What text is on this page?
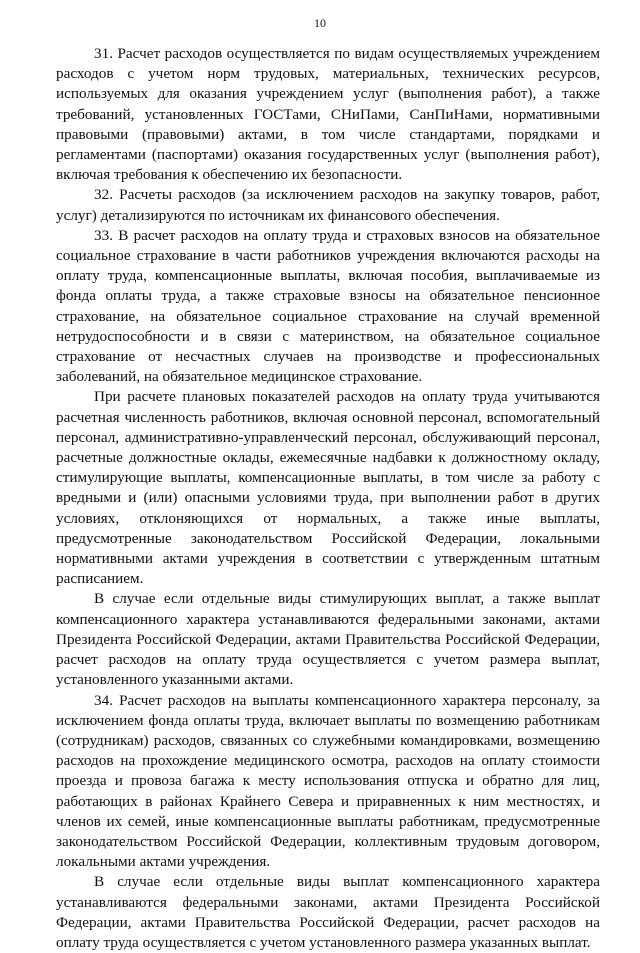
10

31. Расчет расходов осуществляется по видам осуществляемых учреждением расходов с учетом норм трудовых, материальных, технических ресурсов, используемых для оказания учреждением услуг (выполнения работ), а также требований, установленных ГОСТами, СНиПами, СанПиНами, нормативными правовыми (правовыми) актами, в том числе стандартами, порядками и регламентами (паспортами) оказания государственных услуг (выполнения работ), включая требования к обеспечению их безопасности.

32. Расчеты расходов (за исключением расходов на закупку товаров, работ, услуг) детализируются по источникам их финансового обеспечения.

33. В расчет расходов на оплату труда и страховых взносов на обязательное социальное страхование в части работников учреждения включаются расходы на оплату труда, компенсационные выплаты, включая пособия, выплачиваемые из фонда оплаты труда, а также страховые взносы на обязательное пенсионное страхование, на обязательное социальное страхование на случай временной нетрудоспособности и в связи с материнством, на обязательное социальное страхование от несчастных случаев на производстве и профессиональных заболеваний, на обязательное медицинское страхование.

При расчете плановых показателей расходов на оплату труда учитываются расчетная численность работников, включая основной персонал, вспомогательный персонал, административно-управленческий персонал, обслуживающий персонал, расчетные должностные оклады, ежемесячные надбавки к должностному окладу, стимулирующие выплаты, компенсационные выплаты, в том числе за работу с вредными и (или) опасными условиями труда, при выполнении работ в других условиях, отклоняющихся от нормальных, а также иные выплаты, предусмотренные законодательством Российской Федерации, локальными нормативными актами учреждения в соответствии с утвержденным штатным расписанием.

В случае если отдельные виды стимулирующих выплат, а также выплат компенсационного характера устанавливаются федеральными законами, актами Президента Российской Федерации, актами Правительства Российской Федерации, расчет расходов на оплату труда осуществляется с учетом размера выплат, установленного указанными актами.

34. Расчет расходов на выплаты компенсационного характера персоналу, за исключением фонда оплаты труда, включает выплаты по возмещению работникам (сотрудникам) расходов, связанных со служебными командировками, возмещению расходов на прохождение медицинского осмотра, расходов на оплату стоимости проезда и провоза багажа к месту использования отпуска и обратно для лиц, работающих в районах Крайнего Севера и приравненных к ним местностях, и членов их семей, иные компенсационные выплаты работникам, предусмотренные законодательством Российской Федерации, коллективным трудовым договором, локальными актами учреждения.

В случае если отдельные виды выплат компенсационного характера устанавливаются федеральными законами, актами Президента Российской Федерации, актами Правительства Российской Федерации, расчет расходов на оплату труда осуществляется с учетом установленного размера указанных выплат.
